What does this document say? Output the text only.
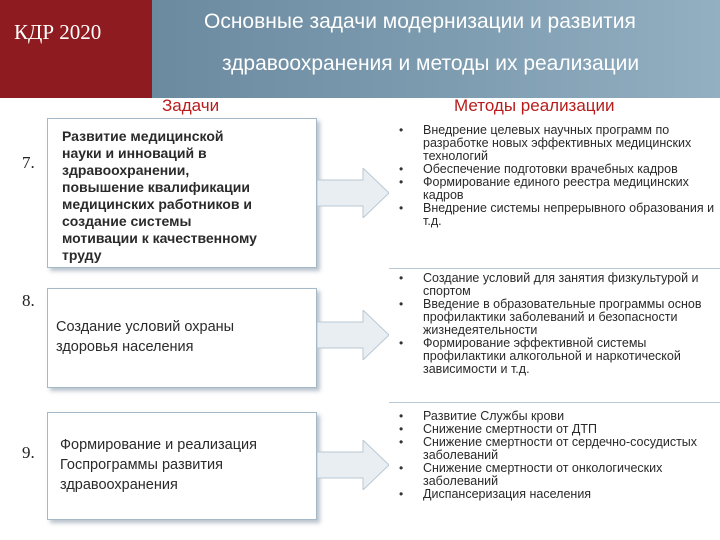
КДР 2020	Основные задачи модернизации и развития
здравоохранения и методы их реализации
Задачи	Методы реализации
7.
Развитие медицинской
науки и инноваций в
здравоохранении,
повышение квалификации
медицинских работников и
создание системы
мотивации к качественному
труду
• Внедрение целевых научных программ по разработке новых эффективных медицинских технологий
• Обеспечение подготовки врачебных кадров
• Формирование единого реестра медицинских кадров
• Внедрение системы непрерывного образования и т.д.
8.
Создание условий охраны
здоровья населения
• Создание условий для занятия физкультурой и спортом
• Введение в образовательные программы основ профилактики заболеваний и безопасности жизнедеятельности
• Формирование эффективной системы профилактики алкогольной и наркотической зависимости и т.д.
9. Формирование и реализация
Госпрограммы развития
здравоохранения
• Развитие Службы крови
• Снижение смертности от ДТП
• Снижение смертности от сердечно-сосудистых заболеваний
• Снижение смертности от онкологических заболеваний
• Диспансеризация населения
